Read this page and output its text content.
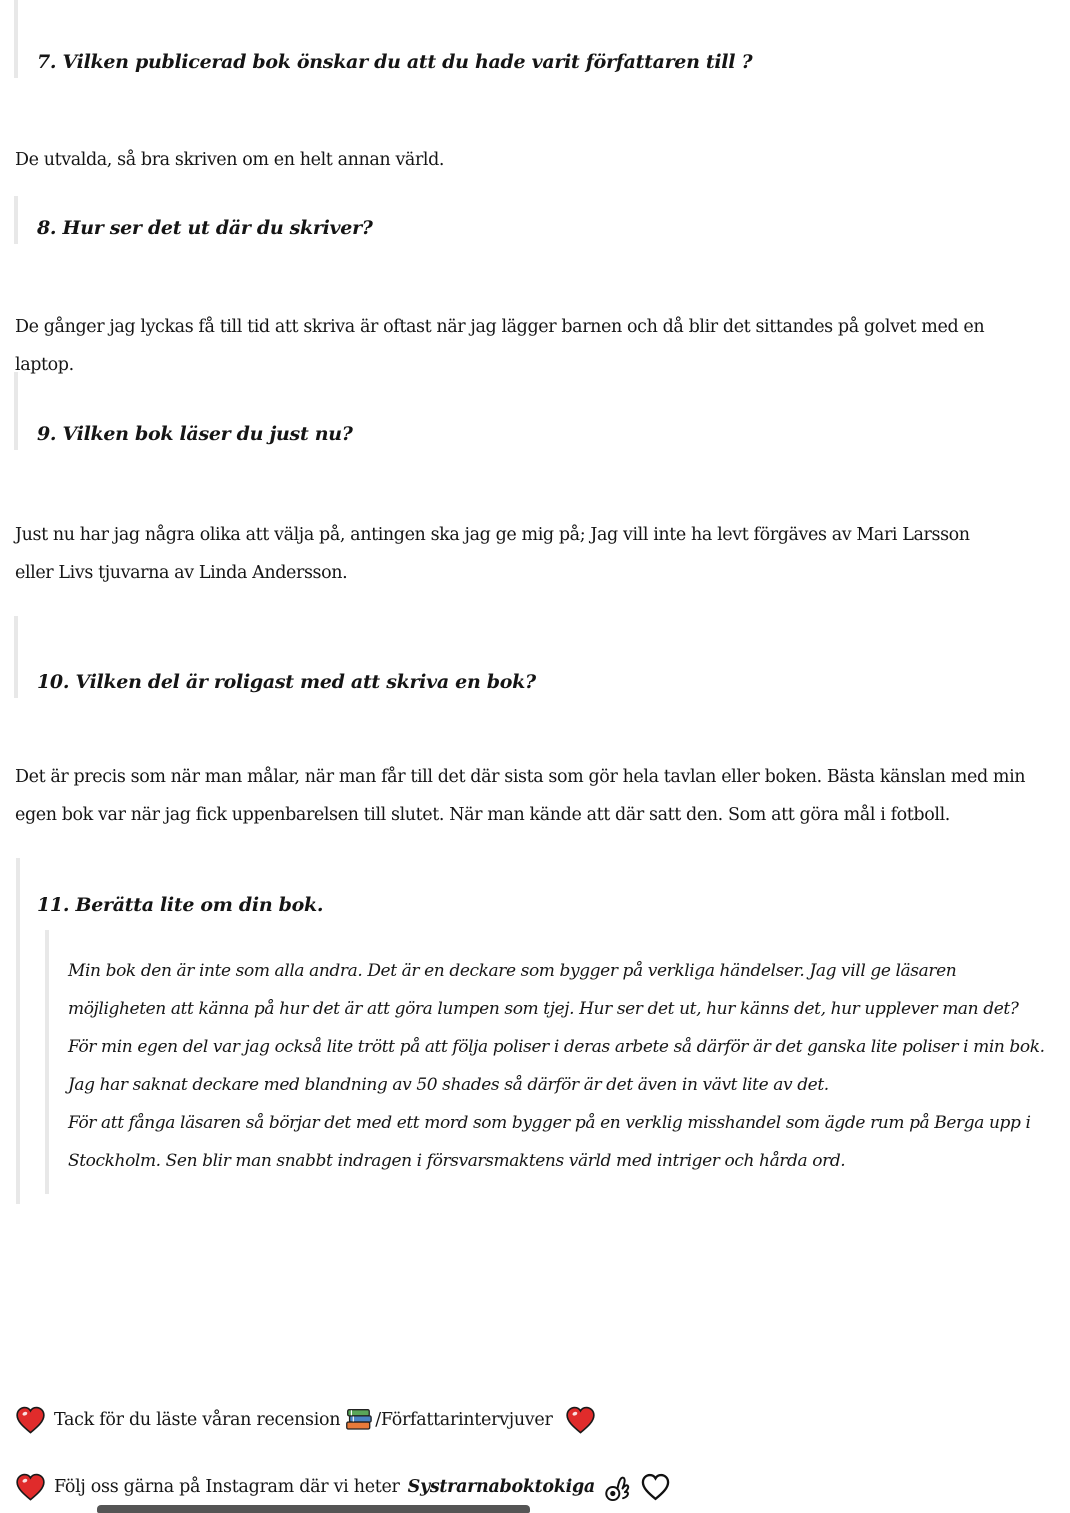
7. Vilken publicerad bok önskar du att du hade varit författaren till ?

De utvalda, så bra skriven om en helt annan värld.

8. Hur ser det ut där du skriver?

De gånger jag lyckas få till tid att skriva är oftast när jag lägger barnen och då blir det sittandes på golvet med en laptop.

9. Vilken bok läser du just nu?

Just nu har jag några olika att välja på, antingen ska jag ge mig på; Jag vill inte ha levt förgäves av Mari Larsson eller Livs tjuvarna av Linda Andersson.

10. Vilken del är roligast med att skriva en bok?

Det är precis som när man målar, när man får till det där sista som gör hela tavlan eller boken. Bästa känslan med min egen bok var när jag fick uppenbarelsen till slutet. När man kände att där satt den. Som att göra mål i fotboll.

11. Berätta lite om din bok.

Min bok den är inte som alla andra. Det är en deckare som bygger på verkliga händelser. Jag vill ge läsaren möjligheten att känna på hur det är att göra lumpen som tjej. Hur ser det ut, hur känns det, hur upplever man det?

För min egen del var jag också lite trött på att följa poliser i deras arbete så därför är det ganska lite poliser i min bok.

Jag har saknat deckare med blandning av 50 shades så därför är det även in vävt lite av det.

För att fånga läsaren så börjar det med ett mord som bygger på en verklig misshandel som ägde rum på Berga upp i Stockholm. Sen blir man snabbt indragen i försvarsmaktens värld med intriger och hårda ord.

Tack för du läste våran recension /Författarintervjuver
Följ oss gärna på Instagram där vi heter Systrarnaboktokiga
